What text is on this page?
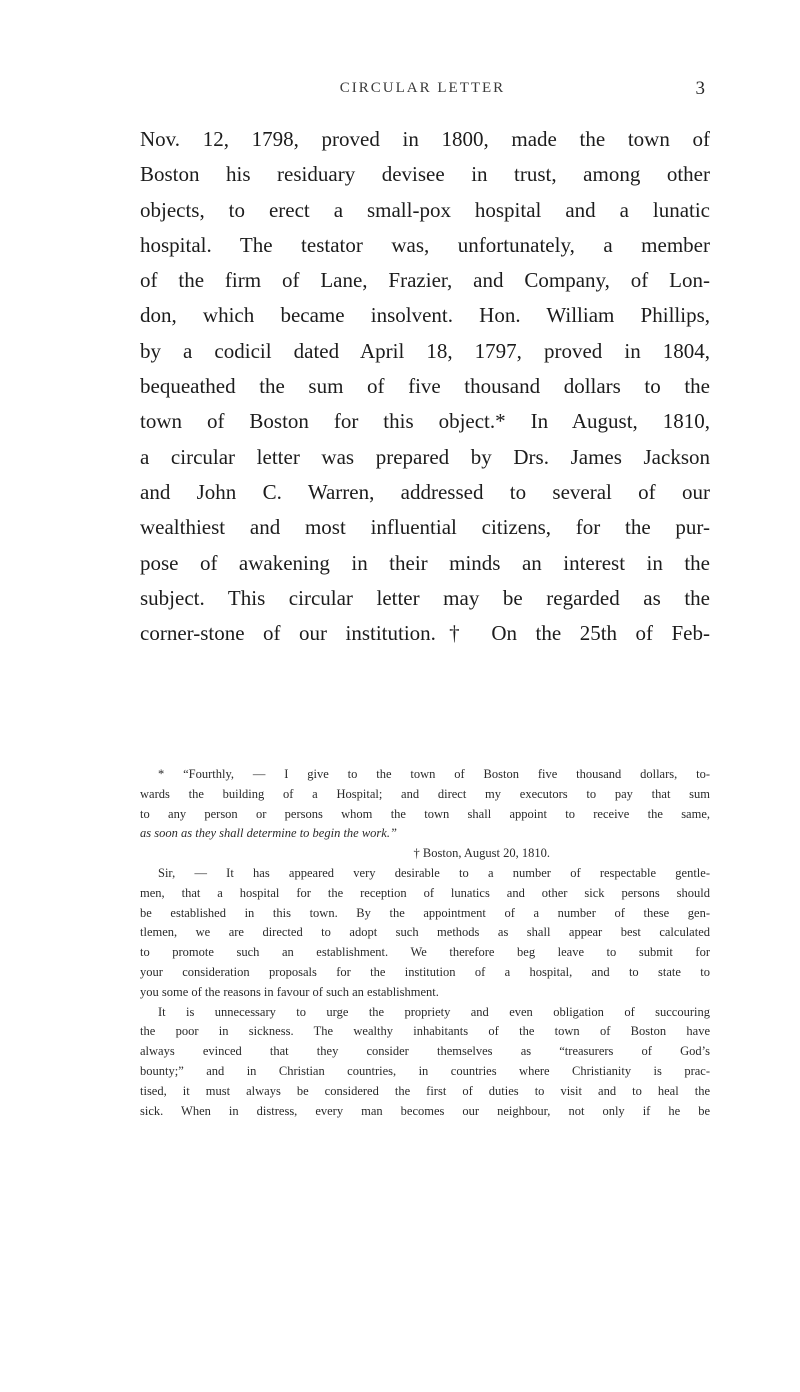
CIRCULAR LETTER	3
Nov. 12, 1798, proved in 1800, made the town of
Boston his residuary devisee in trust, among other
objects, to erect a small-pox hospital and a lunatic
hospital. The testator was, unfortunately, a member
of the firm of Lane, Frazier, and Company, of Lon-
don, which became insolvent. Hon. William Phillips,
by a codicil dated April 18, 1797, proved in 1804,
bequeathed the sum of five thousand dollars to the
town of Boston for this object.* In August, 1810,
a circular letter was prepared by Drs. James Jackson
and John C. Warren, addressed to several of our
wealthiest and most influential citizens, for the pur-
pose of awakening in their minds an interest in the
subject. This circular letter may be regarded as the
corner-stone of our institution.† On the 25th of Feb-
* “Fourthly, — I give to the town of Boston five thousand dollars, to-
wards the building of a Hospital; and direct my executors to pay that sum
to any person or persons whom the town shall appoint to receive the same,
as soon as they shall determine to begin the work.”
† Boston, August 20, 1810.
Sir, — It has appeared very desirable to a number of respectable gentle-
men, that a hospital for the reception of lunatics and other sick persons should
be established in this town. By the appointment of a number of these gen-
tlemen, we are directed to adopt such methods as shall appear best calculated
to promote such an establishment. We therefore beg leave to submit for
your consideration proposals for the institution of a hospital, and to state to
you some of the reasons in favour of such an establishment.
It is unnecessary to urge the propriety and even obligation of succouring
the poor in sickness. The wealthy inhabitants of the town of Boston have
always evinced that they consider themselves as “treasurers of God’s
bounty;” and in Christian countries, in countries where Christianity is prac-
tised, it must always be considered the first of duties to visit and to heal the
sick. When in distress, every man becomes our neighbour, not only if he be
